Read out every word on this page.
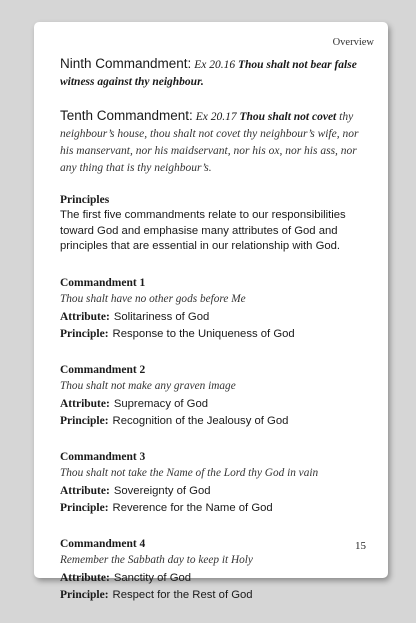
Overview

Ninth Commandment: Ex 20.16 Thou shalt not bear false witness against thy neighbour.

Tenth Commandment: Ex 20.17 Thou shalt not covet thy neighbour’s house, thou shalt not covet thy neighbour’s wife, nor his manservant, nor his maidservant, nor his ox, nor his ass, nor any thing that is thy neighbour’s.

Principles

The first five commandments relate to our responsibilities toward God and emphasise many attributes of God and principles that are essential in our relationship with God.

Commandment 1

Thou shalt have no other gods before Me

Attribute: Solitariness of God

Principle: Response to the Uniqueness of God

Commandment 2

Thou shalt not make any graven image

Attribute: Supremacy of God

Principle: Recognition of the Jealousy of God

Commandment 3

Thou shalt not take the Name of the Lord thy God in vain

Attribute: Sovereignty of God

Principle: Reverence for the Name of God

Commandment 4

Remember the Sabbath day to keep it Holy

Attribute: Sanctity of God

Principle: Respect for the Rest of God

15
